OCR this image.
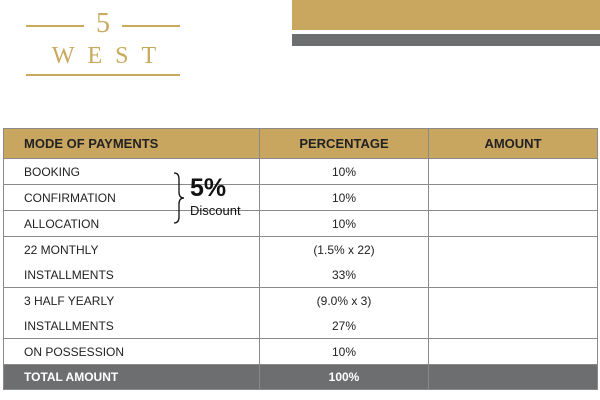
5
WEST
MODE OF PAYMENTS	PERCENTAGE	AMOUNT
BOOKING	10%	
CONFIRMATION	10%	
ALLOCATION	10%	
22 MONTHLY	(1.5% x 22)	
INSTALLMENTS	33%	
3 HALF YEARLY	(9.0% x 3)	
INSTALLMENTS	27%	
ON POSSESSION	10%	
TOTAL AMOUNT	100%	
5%
Discount
